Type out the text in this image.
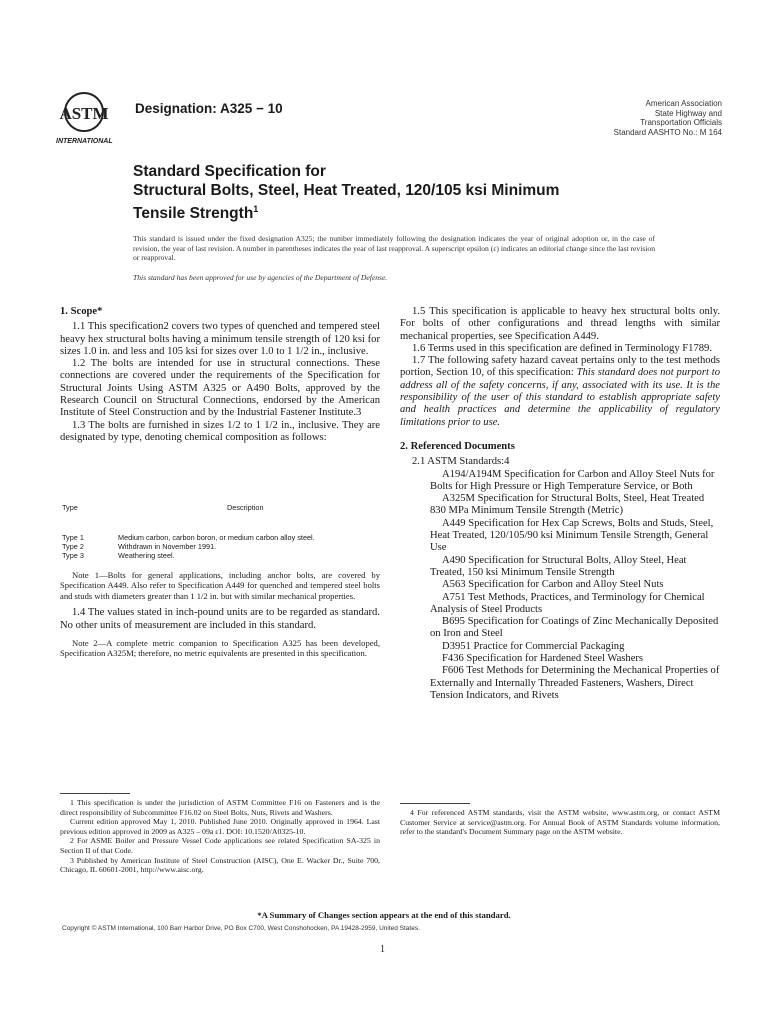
ASTM
INTERNATIONAL
Designation: A325 − 10	American Association
State Highway and
Transportation Officials
Standard AASHTO No.: M 164
Standard Specification for
Structural Bolts, Steel, Heat Treated, 120/105 ksi Minimum
Tensile Strength$^1$
This standard is issued under the fixed designation A325; the number immediately following the designation indicates the year of original adoption or, in the case of revision, the year of last revision. A number in parentheses indicates the year of last reapproval. A superscript epsilon (ε) indicates an editorial change since the last revision or reapproval.
This standard has been approved for use by agencies of the Department of Defense.
1. Scope*

1.1 This specification2 covers two types of quenched and tempered steel heavy hex structural bolts having a minimum tensile strength of 120 ksi for sizes 1.0 in. and less and 105 ksi for sizes over 1.0 to 1 1/2 in., inclusive.

1.2 The bolts are intended for use in structural connections. These connections are covered under the requirements of the Specification for Structural Joints Using ASTM A325 or A490 Bolts, approved by the Research Council on Structural Connections, endorsed by the American Institute of Steel Construction and by the Industrial Fastener Institute.3

1.3 The bolts are furnished in sizes 1/2 to 1 1/2 in., inclusive. They are designated by type, denoting chemical composition as follows:

Type	Description
Type 1	Medium carbon, carbon boron, or medium carbon alloy steel.
Type 2	Withdrawn in November 1991.
Type 3	Weathering steel.

Note 1—Bolts for general applications, including anchor bolts, are covered by Specification A449. Also refer to Specification A449 for quenched and tempered steel bolts and studs with diameters greater than 1 1/2 in. but with similar mechanical properties.

1.4 The values stated in inch-pound units are to be regarded as standard. No other units of measurement are included in this standard.

Note 2—A complete metric companion to Specification A325 has been developed, Specification A325M; therefore, no metric equivalents are presented in this specification.

1 This specification is under the jurisdiction of ASTM Committee F16 on Fasteners and is the direct responsibility of Subcommittee F16.02 on Steel Bolts, Nuts, Rivets and Washers.

Current edition approved May 1, 2010. Published June 2010. Originally approved in 1964. Last previous edition approved in 2009 as A325 – 09a ε1. DOI: 10.1520/A0325-10.

2 For ASME Boiler and Pressure Vessel Code applications see related Specification SA-325 in Section II of that Code.

3 Published by American Institute of Steel Construction (AISC), One E. Wacker Dr., Suite 700, Chicago, IL 60601-2001, http://www.aisc.org.

1.5 This specification is applicable to heavy hex structural bolts only. For bolts of other configurations and thread lengths with similar mechanical properties, see Specification A449.

1.6 Terms used in this specification are defined in Terminology F1789.

1.7 The following safety hazard caveat pertains only to the test methods portion, Section 10, of this specification: This standard does not purport to address all of the safety concerns, if any, associated with its use. It is the responsibility of the user of this standard to establish appropriate safety and health practices and determine the applicability of regulatory limitations prior to use.

2. Referenced Documents

2.1 ASTM Standards:4

A194/A194M Specification for Carbon and Alloy Steel Nuts for Bolts for High Pressure or High Temperature Service, or Both

A325M Specification for Structural Bolts, Steel, Heat Treated 830 MPa Minimum Tensile Strength (Metric)

A449 Specification for Hex Cap Screws, Bolts and Studs, Steel, Heat Treated, 120/105/90 ksi Minimum Tensile Strength, General Use

A490 Specification for Structural Bolts, Alloy Steel, Heat Treated, 150 ksi Minimum Tensile Strength

A563 Specification for Carbon and Alloy Steel Nuts

A751 Test Methods, Practices, and Terminology for Chemical Analysis of Steel Products

B695 Specification for Coatings of Zinc Mechanically Deposited on Iron and Steel

D3951 Practice for Commercial Packaging

F436 Specification for Hardened Steel Washers

F606 Test Methods for Determining the Mechanical Properties of Externally and Internally Threaded Fasteners, Washers, Direct Tension Indicators, and Rivets

4 For referenced ASTM standards, visit the ASTM website, www.astm.org, or contact ASTM Customer Service at service@astm.org. For Annual Book of ASTM Standards volume information, refer to the standard's Document Summary page on the ASTM website.

*A Summary of Changes section appears at the end of this standard.
Copyright © ASTM International, 100 Barr Harbor Drive, PO Box C700, West Conshohocken, PA 19428-2959, United States.
1
